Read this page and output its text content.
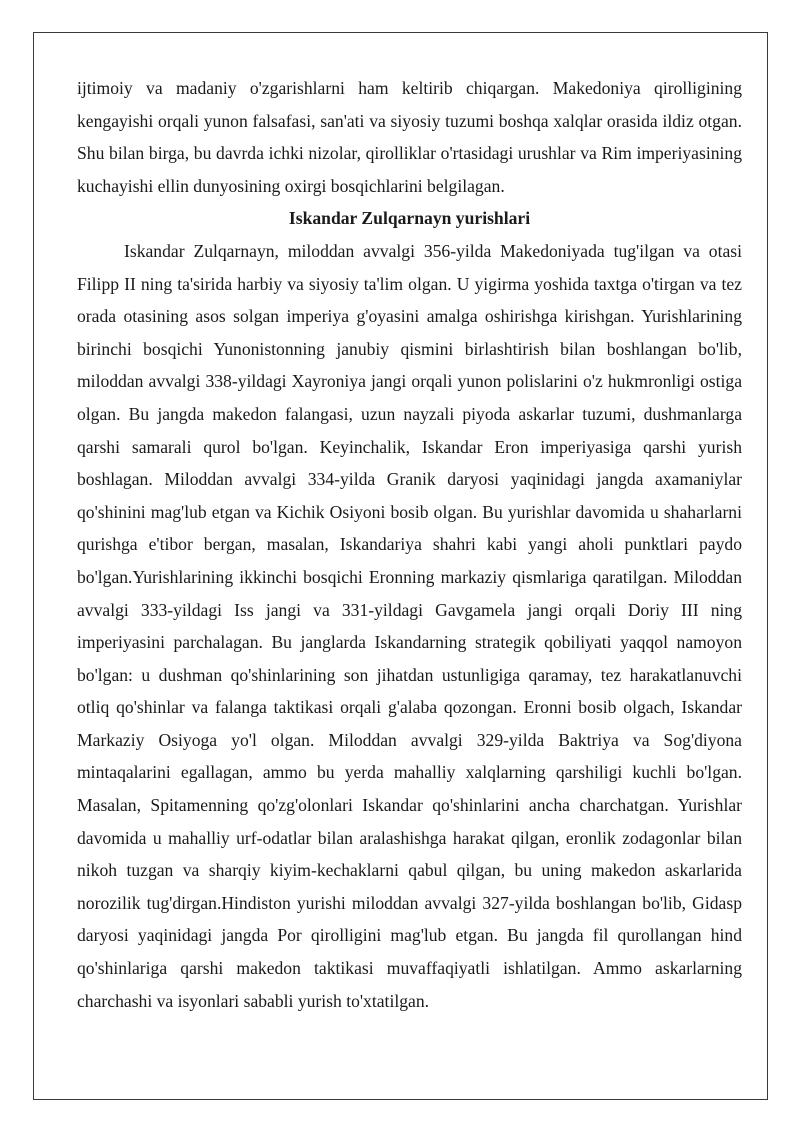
ijtimoiy va madaniy o'zgarishlarni ham keltirib chiqargan. Makedoniya qirolligining kengayishi orqali yunon falsafasi, san'ati va siyosiy tuzumi boshqa xalqlar orasida ildiz otgan. Shu bilan birga, bu davrda ichki nizolar, qirolliklar o'rtasidagi urushlar va Rim imperiyasining kuchayishi ellin dunyosining oxirgi bosqichlarini belgilagan.

Iskandar Zulqarnayn yurishlari

Iskandar Zulqarnayn, miloddan avvalgi 356-yilda Makedoniyada tug'ilgan va otasi Filipp II ning ta'sirida harbiy va siyosiy ta'lim olgan. U yigirma yoshida taxtga o'tirgan va tez orada otasining asos solgan imperiya g'oyasini amalga oshirishga kirishgan. Yurishlarining birinchi bosqichi Yunonistonning janubiy qismini birlashtirish bilan boshlangan bo'lib, miloddan avvalgi 338-yildagi Xayroniya jangi orqali yunon polislarini o'z hukmronligi ostiga olgan. Bu jangda makedon falangasi, uzun nayzali piyoda askarlar tuzumi, dushmanlarga qarshi samarali qurol bo'lgan. Keyinchalik, Iskandar Eron imperiyasiga qarshi yurish boshlagan. Miloddan avvalgi 334-yilda Granik daryosi yaqinidagi jangda axamaniylar qo'shinini mag'lub etgan va Kichik Osiyoni bosib olgan. Bu yurishlar davomida u shaharlarni qurishga e'tibor bergan, masalan, Iskandariya shahri kabi yangi aholi punktlari paydo bo'lgan.Yurishlarining ikkinchi bosqichi Eronning markaziy qismlariga qaratilgan. Miloddan avvalgi 333-yildagi Iss jangi va 331-yildagi Gavgamela jangi orqali Doriy III ning imperiyasini parchalagan. Bu janglarda Iskandarning strategik qobiliyati yaqqol namoyon bo'lgan: u dushman qo'shinlarining son jihatdan ustunligiga qaramay, tez harakatlanuvchi otliq qo'shinlar va falanga taktikasi orqali g'alaba qozongan. Eronni bosib olgach, Iskandar Markaziy Osiyoga yo'l olgan. Miloddan avvalgi 329-yilda Baktriya va Sog'diyona mintaqalarini egallagan, ammo bu yerda mahalliy xalqlarning qarshiligi kuchli bo'lgan. Masalan, Spitamenning qo'zg'olonlari Iskandar qo'shinlarini ancha charchatgan. Yurishlar davomida u mahalliy urf-odatlar bilan aralashishga harakat qilgan, eronlik zodagonlar bilan nikoh tuzgan va sharqiy kiyim-kechaklarni qabul qilgan, bu uning makedon askarlarida norozilik tug'dirgan.Hindiston yurishi miloddan avvalgi 327-yilda boshlangan bo'lib, Gidasp daryosi yaqinidagi jangda Por qirolligini mag'lub etgan. Bu jangda fil qurollangan hind qo'shinlariga qarshi makedon taktikasi muvaffaqiyatli ishlatilgan. Ammo askarlarning charchashi va isyonlari sababli yurish to'xtatilgan.
